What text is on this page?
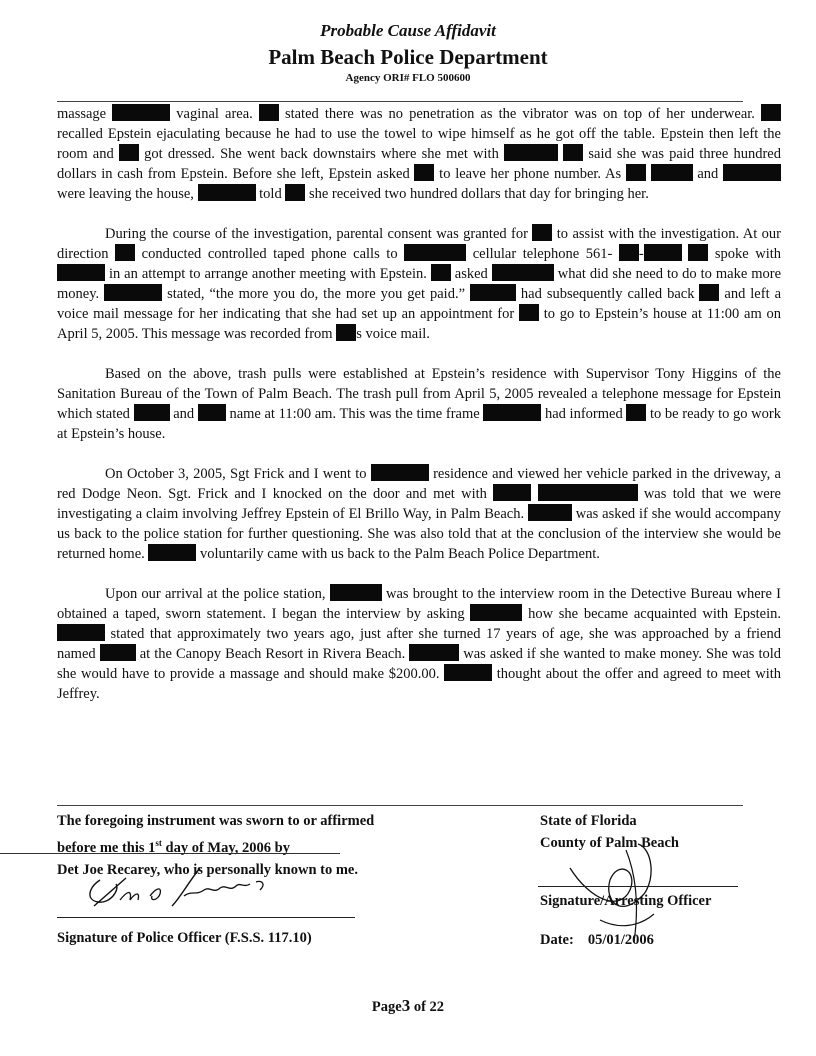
Probable Cause Affidavit
Palm Beach Police Department
Agency ORI# FLO 500600

massage	vaginal area.  stated there was no penetration as the vibrator was on top of her underwear.  recalled Epstein ejaculating because he had to use the towel to wipe himself as he got off the table. Epstein then left the room and  got dressed. She went back downstairs where she met with	said she was paid three hundred dollars in cash from Epstein. Before she left, Epstein asked  to leave her phone number. As	and  were leaving the house,	told  she received two hundred dollars that day for bringing her.

During the course of the investigation, parental consent was granted for  to assist with the investigation. At our direction  conducted controlled taped phone calls to	cellular telephone 561- -	spoke with  in an attempt to arrange another meeting with Epstein.  asked	what did she need to do to make more money.	stated, “the more you do, the more you get paid.”	had subsequently called back  and left a voice mail message for her indicating that she had set up an appointment for  to go to Epstein’s house at 11:00 am on April 5, 2005. This message was recorded from s voice mail.

Based on the above, trash pulls were established at Epstein’s residence with Supervisor Tony Higgins of the Sanitation Bureau of the Town of Palm Beach. The trash pull from April 5, 2005 revealed a telephone message for Epstein which stated  and  name at 11:00 am. This was the time frame	had informed  to be ready to go work at Epstein’s house.

On October 3, 2005, Sgt Frick and I went to	residence and viewed her vehicle parked in the driveway, a red Dodge Neon. Sgt. Frick and I knocked on the door and met with	was told that we were investigating a claim involving Jeffrey Epstein of El Brillo Way, in Palm Beach.	was asked if she would accompany us back to the police station for further questioning. She was also told that at the conclusion of the interview she would be returned home.	voluntarily came with us back to the Palm Beach Police Department.

Upon our arrival at the police station,	was brought to the interview room in the Detective Bureau where I obtained a taped, sworn statement. I began the interview by asking	how she became acquainted with Epstein.  stated that approximately two years ago, just after she turned 17 years of age, she was approached by a friend named  at the Canopy Beach Resort in Rivera Beach.	was asked if she wanted to make money. She was told she would have to provide a massage and should make $200.00.	thought about the offer and agreed to meet with Jeffrey.

The foregoing instrument was sworn to or affirmed
before me this 1st day of May, 2006 by
Det Joe Recarey, who is personally known to me.
State of Florida
County of Palm Beach
Signature of Police Officer (F.S.S. 117.10)
Signature/Arresting Officer
Date: 05/01/2006
Page3 of 22
